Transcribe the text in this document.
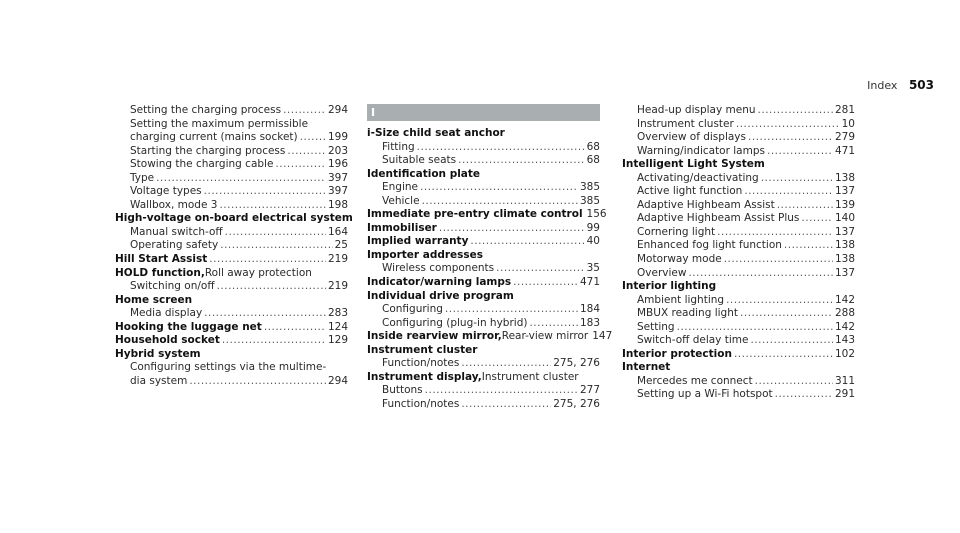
Index 503
Setting the charging process .....	294
Setting the maximum permissible
charging current (mains socket) .....	199
Starting the charging process .....	203
Stowing the charging cable .....	196
Type .....	397
Voltage types .....	397
Wallbox, mode 3 .....	198
High-voltage on-board electrical system
Manual switch-off .....	164
Operating safety .....	25
Hill Start Assist .....	219
HOLD function, Roll away protection
Switching on/off .....	219
Home screen
Media display .....	283
Hooking the luggage net .....	124
Household socket .....	129
Hybrid system
Configuring settings via the multime-
dia system .....	294
I
i-Size child seat anchor
Fitting .....	68
Suitable seats .....	68
Identification plate
Engine .....	385
Vehicle .....	385
Immediate pre-entry climate control 156
Immobiliser .....	99
Implied warranty .....	40
Importer addresses
Wireless components .....	35
Indicator/warning lamps .....	471
Individual drive program
Configuring .....	184
Configuring (plug-in hybrid) .....	183
Inside rearview mirror, Rear-view mirror 147
Instrument cluster
Function/notes .....	275, 276
Instrument display, Instrument cluster
Buttons .....	277
Function/notes .....	275, 276
Head-up display menu .....	281
Instrument cluster .....	10
Overview of displays .....	279
Warning/indicator lamps .....	471
Intelligent Light System
Activating/deactivating .....	138
Active light function .....	137
Adaptive Highbeam Assist .....	139
Adaptive Highbeam Assist Plus .....	140
Cornering light .....	137
Enhanced fog light function .....	138
Motorway mode .....	138
Overview .....	137
Interior lighting
Ambient lighting .....	142
MBUX reading light .....	288
Setting .....	142
Switch-off delay time .....	143
Interior protection .....	102
Internet
Mercedes me connect .....	311
Setting up a Wi-Fi hotspot .....	291
